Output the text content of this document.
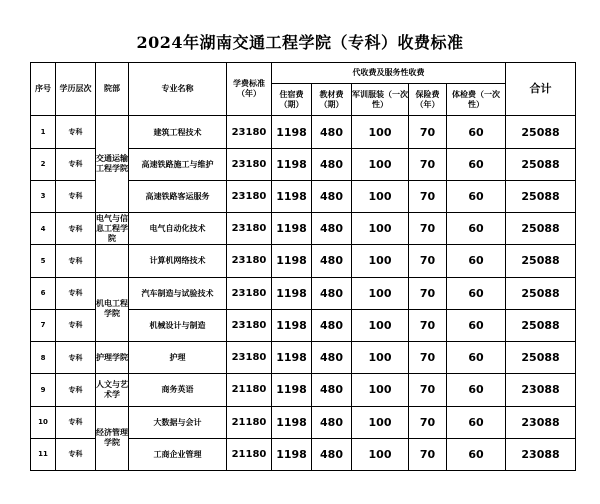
2024年湖南交通工程学院（专科）收费标准
序号	学历层次	院部	专业名称	学费标准（年）	代收费及服务性收费					合计
					住宿费（期）	教材费（期）	军训服装（一次性）	保险费（年）	体检费（一次性）	
1	专科	交通运输工程学院	建筑工程技术	23180	1198	480	100	70	60	25088
2	专科		高速铁路施工与维护	23180	1198	480	100	70	60	25088
3	专科		高速铁路客运服务	23180	1198	480	100	70	60	25088
4	专科	电气与信息工程学院	电气自动化技术	23180	1198	480	100	70	60	25088
5	专科		计算机网络技术	23180	1198	480	100	70	60	25088
6	专科	机电工程学院	汽车制造与试验技术	23180	1198	480	100	70	60	25088
7	专科		机械设计与制造	23180	1198	480	100	70	60	25088
8	专科	护理学院	护理	23180	1198	480	100	70	60	25088
9	专科	人文与艺术学	商务英语	21180	1198	480	100	70	60	23088
10	专科	经济管理学院	大数据与会计	21180	1198	480	100	70	60	23088
11	专科		工商企业管理	21180	1198	480	100	70	60	23088
